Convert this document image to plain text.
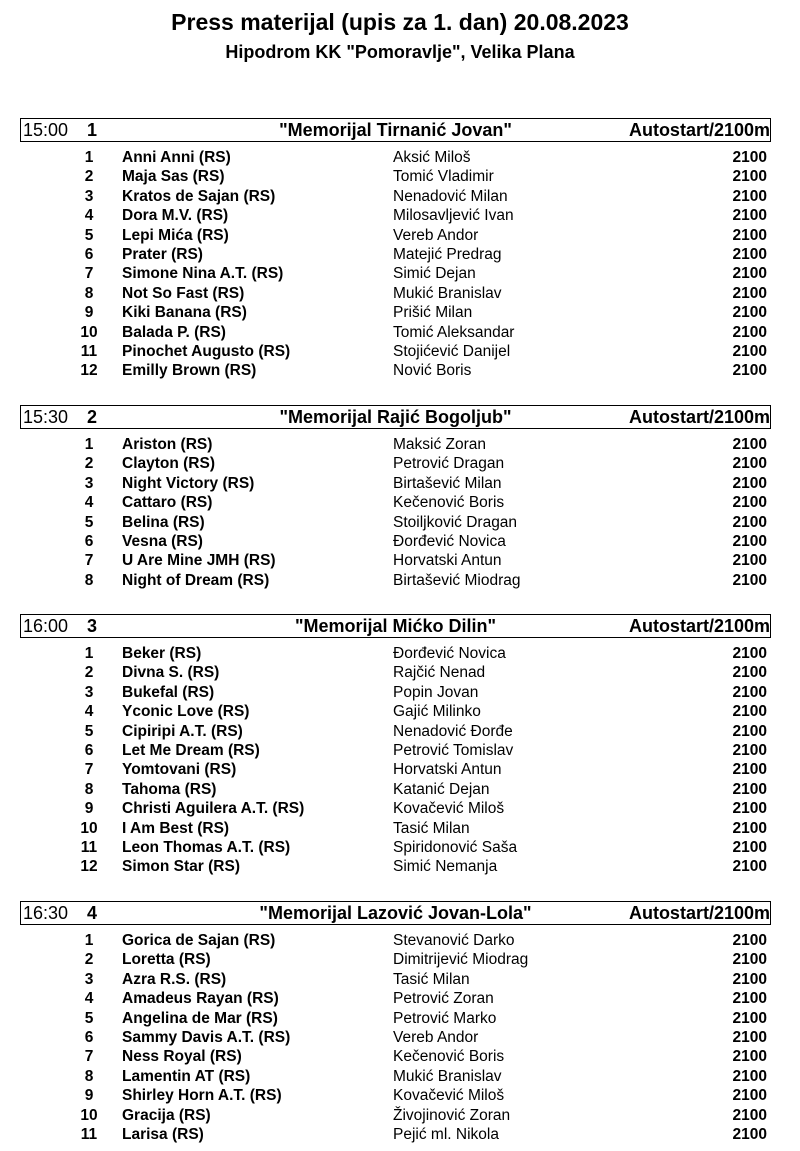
Press materijal (upis za 1. dan) 20.08.2023
Hipodrom KK "Pomoravlje", Velika Plana
15:00 1	"Memorijal Tirnanić Jovan"	Autostart/2100m
1	Anni Anni (RS)	Aksić Miloš	2100
2	Maja Sas (RS)	Tomić Vladimir	2100
3	Kratos de Sajan (RS)	Nenadović Milan	2100
4	Dora M.V. (RS)	Milosavljević Ivan	2100
5	Lepi Mića (RS)	Vereb Andor	2100
6	Prater (RS)	Matejić Predrag	2100
7	Simone Nina A.T. (RS)	Simić Dejan	2100
8	Not So Fast (RS)	Mukić Branislav	2100
9	Kiki Banana (RS)	Prišić Milan	2100
10 Balada P. (RS)	Tomić Aleksandar	2100
11 Pinochet Augusto (RS)	Stojićević Danijel	2100
12 Emilly Brown (RS)	Nović Boris	2100
15:30 2	"Memorijal Rajić Bogoljub"	Autostart/2100m
1	Ariston (RS)	Maksić Zoran	2100
2	Clayton (RS)	Petrović Dragan	2100
3	Night Victory (RS)	Birtašević Milan	2100
4	Cattaro (RS)	Kečenović Boris	2100
5	Belina (RS)	Stoiljković Dragan	2100
6	Vesna (RS)	Đorđević Novica	2100
7	U Are Mine JMH (RS)	Horvatski Antun	2100
8	Night of Dream (RS)	Birtašević Miodrag	2100
16:00 3	"Memorijal Mićko Dilin"	Autostart/2100m
1	Beker (RS)	Đorđević Novica	2100
2	Divna S. (RS)	Rajčić Nenad	2100
3	Bukefal (RS)	Popin Jovan	2100
4	Yconic Love (RS)	Gajić Milinko	2100
5	Cipiripi A.T. (RS)	Nenadović Đorđe	2100
6	Let Me Dream (RS)	Petrović Tomislav	2100
7	Yomtovani (RS)	Horvatski Antun	2100
8	Tahoma (RS)	Katanić Dejan	2100
9	Christi Aguilera A.T. (RS)	Kovačević Miloš	2100
10 I Am Best (RS)	Tasić Milan	2100
11 Leon Thomas A.T. (RS)	Spiridonović Saša	2100
12 Simon Star (RS)	Simić Nemanja	2100
16:30 4	"Memorijal Lazović Jovan-Lola"	Autostart/2100m
1	Gorica de Sajan (RS)	Stevanović Darko	2100
2	Loretta (RS)	Dimitrijević Miodrag	2100
3	Azra R.S. (RS)	Tasić Milan	2100
4	Amadeus Rayan (RS)	Petrović Zoran	2100
5	Angelina de Mar (RS)	Petrović Marko	2100
6	Sammy Davis A.T. (RS)	Vereb Andor	2100
7	Ness Royal (RS)	Kečenović Boris	2100
8	Lamentin AT (RS)	Mukić Branislav	2100
9	Shirley Horn A.T. (RS)	Kovačević Miloš	2100
10 Gracija (RS)	Živojinović Zoran	2100
11 Larisa (RS)	Pejić ml. Nikola	2100
